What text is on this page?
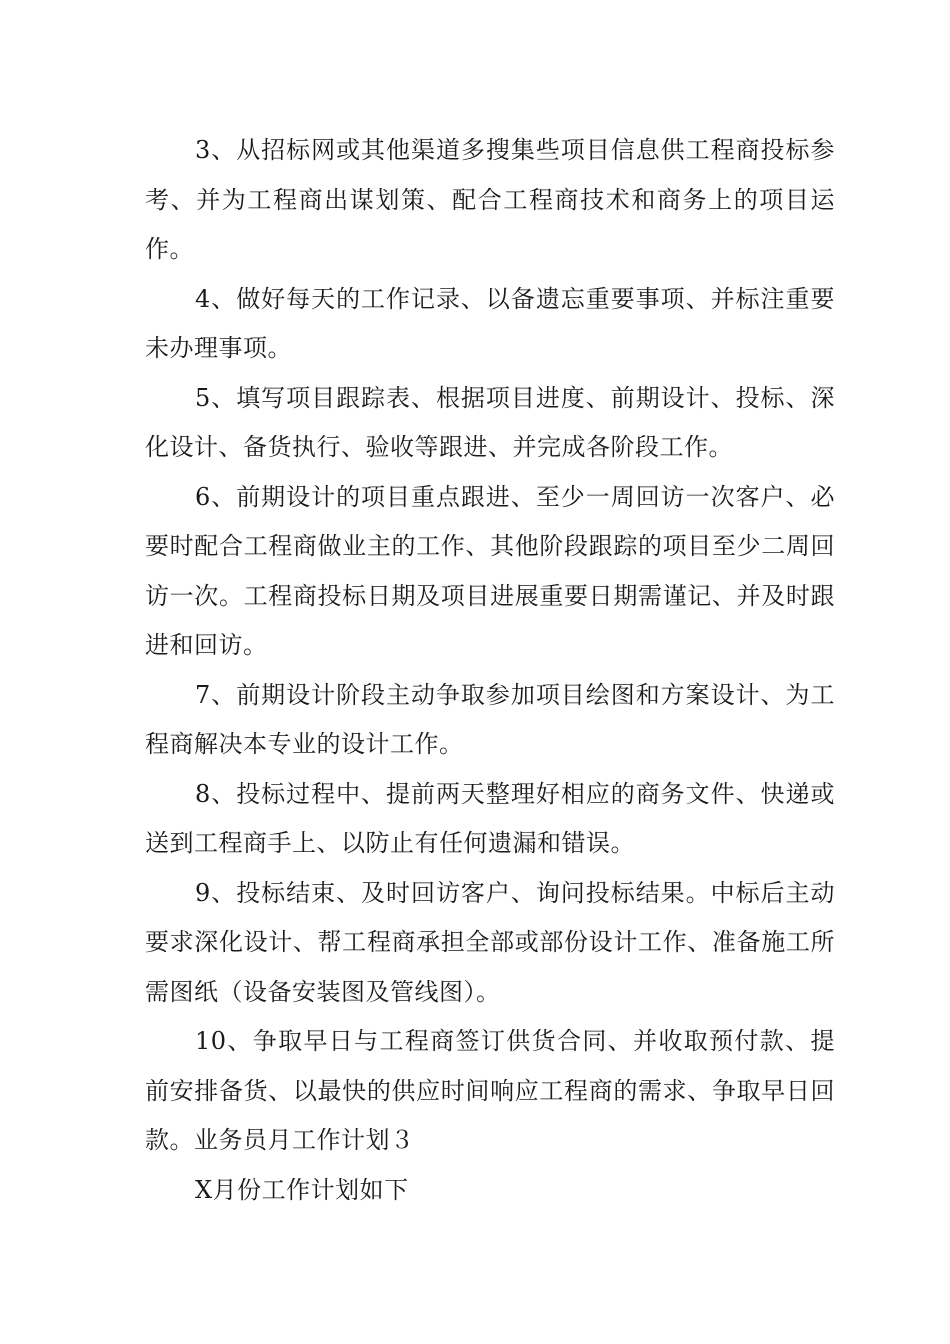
3、从招标网或其他渠道多搜集些项目信息供工程商投标参考、并为工程商出谋划策、配合工程商技术和商务上的项目运作。

4、做好每天的工作记录、以备遗忘重要事项、并标注重要未办理事项。

5、填写项目跟踪表、根据项目进度、前期设计、投标、深化设计、备货执行、验收等跟进、并完成各阶段工作。

6、前期设计的项目重点跟进、至少一周回访一次客户、必要时配合工程商做业主的工作、其他阶段跟踪的项目至少二周回访一次。工程商投标日期及项目进展重要日期需谨记、并及时跟进和回访。

7、前期设计阶段主动争取参加项目绘图和方案设计、为工程商解决本专业的设计工作。

8、投标过程中、提前两天整理好相应的商务文件、快递或送到工程商手上、以防止有任何遗漏和错误。

9、投标结束、及时回访客户、询问投标结果。中标后主动要求深化设计、帮工程商承担全部或部份设计工作、准备施工所需图纸（设备安装图及管线图）。

10、争取早日与工程商签订供货合同、并收取预付款、提前安排备货、以最快的供应时间响应工程商的需求、争取早日回款。业务员月工作计划３

X月份工作计划如下
